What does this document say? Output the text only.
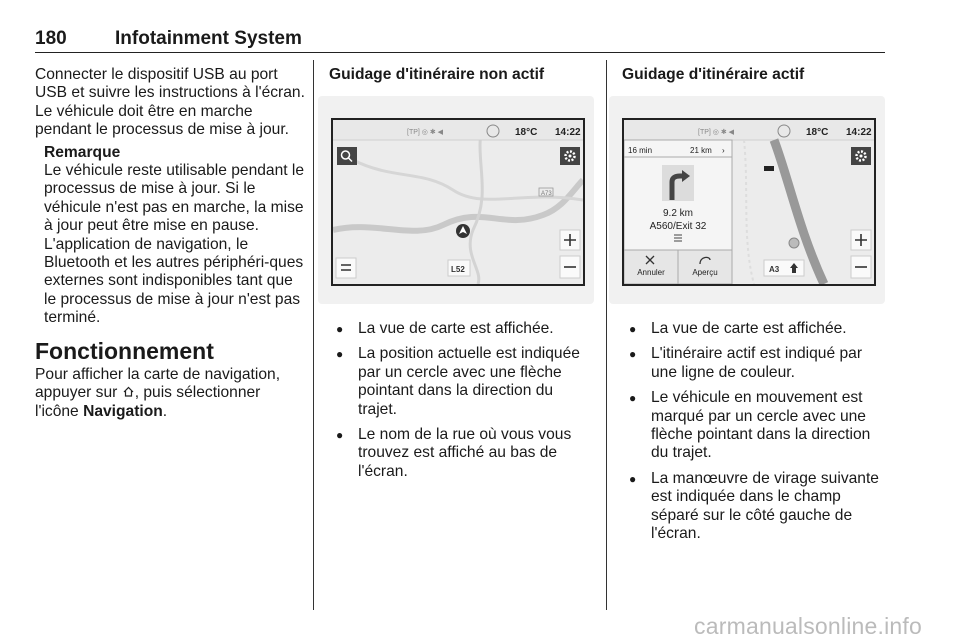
180	Infotainment System

Connecter le dispositif USB au port USB et suivre les instructions à l'écran. Le véhicule doit être en marche pendant le processus de mise à jour.

Remarque
Le véhicule reste utilisable pendant le processus de mise à jour. Si le véhicule n'est pas en marche, la mise à jour peut être mise en pause. L'application de navigation, le Bluetooth et les autres périphéri-ques externes sont indisponibles tant que le processus de mise à jour n'est pas terminé.
Fonctionnement

Pour afficher la carte de navigation, appuyer sur , puis sélectionner l'icône Navigation.

Guidage d'itinéraire non actif
[TP] ◎ ✱ ◀	18°C 14:22
A73
L52
● La vue de carte est affichée.
● La position actuelle est indiquée par un cercle avec une flèche pointant dans la direction du trajet.
● Le nom de la rue où vous vous trouvez est affiché au bas de l'écran.
Guidage d'itinéraire actif
[TP] ◎ ✱ ◀	18°C 14:22
16 min	21 km ›
9.2 km
A560/Exit 32
Annuler	Aperçu	A3
● La vue de carte est affichée.
● L'itinéraire actif est indiqué par une ligne de couleur.
● Le véhicule en mouvement est marqué par un cercle avec une flèche pointant dans la direction du trajet.
● La manœuvre de virage suivante est indiquée dans le champ séparé sur le côté gauche de l'écran.
carmanualsonline.info
